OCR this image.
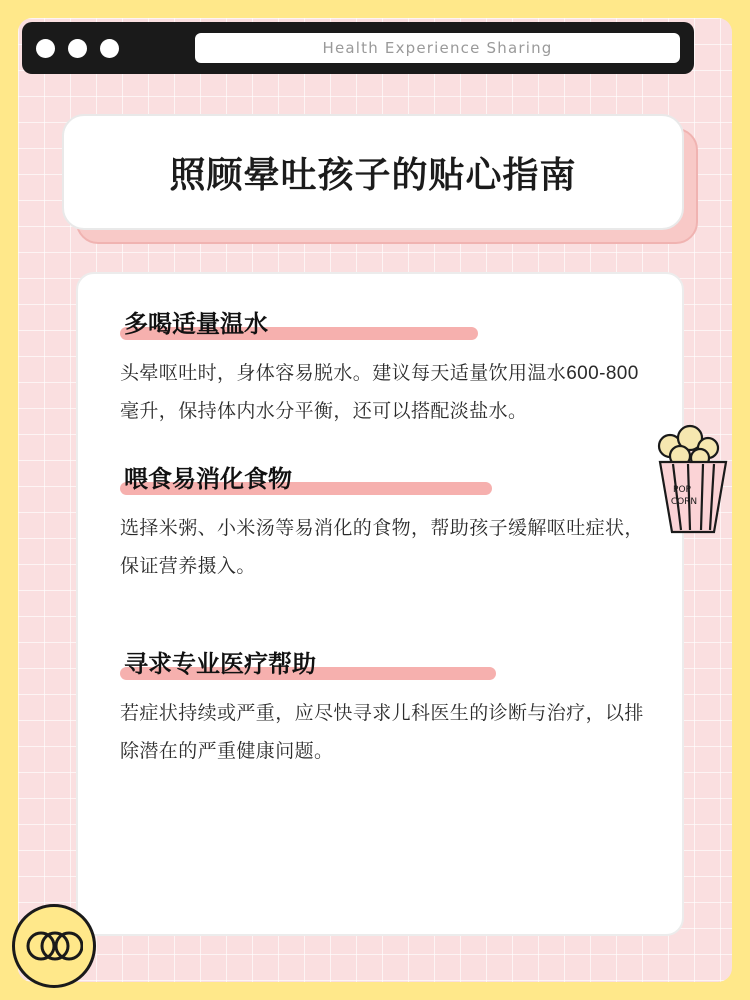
Health Experience Sharing
照顾晕吐孩子的贴心指南
多喝适量温水
头晕呕吐时，身体容易脱水。建议每天适量饮用温水600-800毫升，保持体内水分平衡，还可以搭配淡盐水。
喂食易消化食物
选择米粥、小米汤等易消化的食物，帮助孩子缓解呕吐症状，保证营养摄入。
寻求专业医疗帮助
若症状持续或严重，应尽快寻求儿科医生的诊断与治疗，以排除潜在的严重健康问题。
POP
CORN
